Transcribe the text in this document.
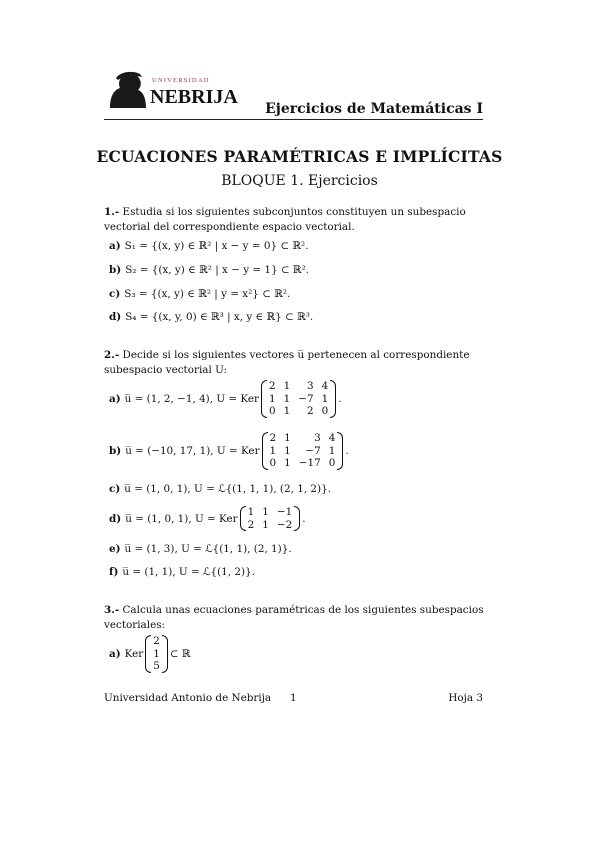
UNIVERSIDAD
NEBRIJA
Ejercicios de Matemáticas I
ECUACIONES PARAMÉTRICAS E IMPLÍCITAS
BLOQUE 1. Ejercicios
1.- Estudia si los siguientes subconjuntos constituyen un subespacio vectorial del correspondiente espacio vectorial.
a) S₁ = {(x, y) ∈ ℝ² | x − y = 0} ⊂ ℝ².
b) S₂ = {(x, y) ∈ ℝ² | x − y = 1} ⊂ ℝ².
c) S₃ = {(x, y) ∈ ℝ² | y = x²} ⊂ ℝ².
d) S₄ = {(x, y, 0) ∈ ℝ³ | x, y ∈ ℝ} ⊂ ℝ³.
2.- Decide si los siguientes vectores u̅ pertenecen al correspondiente subespacio vectorial U:
a) u̅ = (1, 2, −1, 4), U = Ker
2 1	3 4
1 1 −7 1
0 1	2 0
.
b) u̅ = (−10, 17, 1), U = Ker
2 1	3 4
1 1	−7 1
0 1 −17 0
.
c) u̅ = (1, 0, 1), U = ℒ{(1, 1, 1), (2, 1, 2)}.
d) u̅ = (1, 0, 1), U = Ker
1 1 −1
2 1 −2 .
e) u̅ = (1, 3), U = ℒ{(1, 1), (2, 1)}.
f) u̅ = (1, 1), U = ℒ{(1, 2)}.
3.- Calcula unas ecuaciones paramétricas de los siguientes subespacios vectoriales:
a) Ker
2
1
5
⊂ ℝ
Universidad Antonio de Nebrija 1	Hoja 3
